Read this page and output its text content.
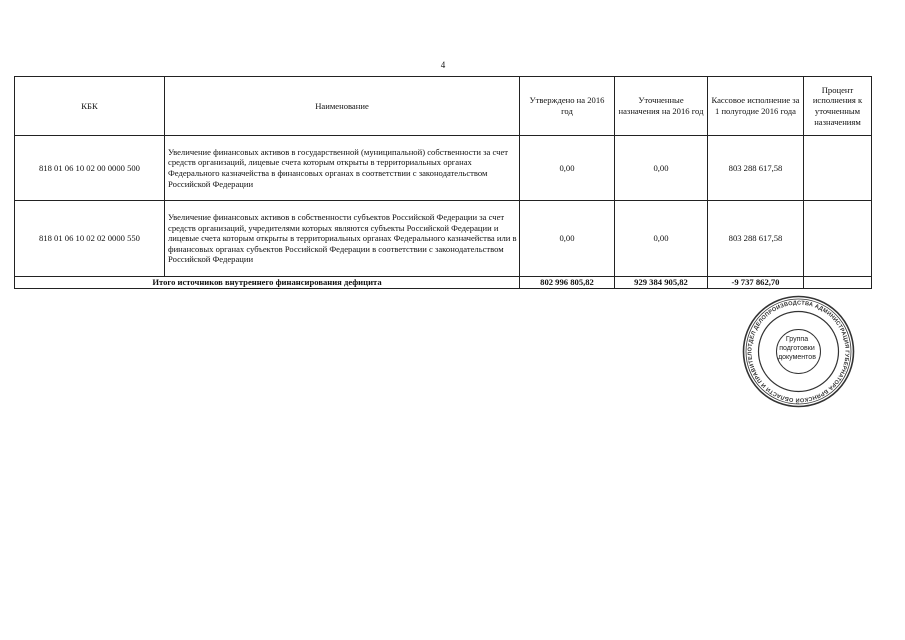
4
КБК	Наименование	Утверждено на 2016 год	Уточненные назначения на 2016 год	Кассовое исполнение за 1 полугодие 2016 года	Процент исполнения к уточненным назначениям
818 01 06 10 02 00 0000 500	Увеличение финансовых активов в государственной (муниципальной) собственности за счет средств организаций, лицевые счета которым открыты в территориальных органах Федерального казначейства в финансовых органах в соответствии с законодательством Российской Федерации	0,00	0,00	803 288 617,58	
818 01 06 10 02 02 0000 550	Увеличение финансовых активов в собственности субъектов Российской Федерации за счет средств организаций, учредителями которых являются субъекты Российской Федерации и лицевые счета которым открыты в территориальных органах Федерального казначейства или в финансовых органах субъектов Российской Федерации в соответствии с законодательством Российской Федерации	0,00	0,00	803 288 617,58	
Итого источников внутреннего финансирования дефицита		802 996 805,82	929 384 905,82	-9 737 862,70	
ОТДЕЛ ДЕЛОПРОИЗВОДСТВА АДМИНИСТРАЦИЯ ГУБЕРНАТОРА БРЯНСКОЙ ОБЛАСТИ И ПРАВИТЕЛ
Группа подготовки документов
